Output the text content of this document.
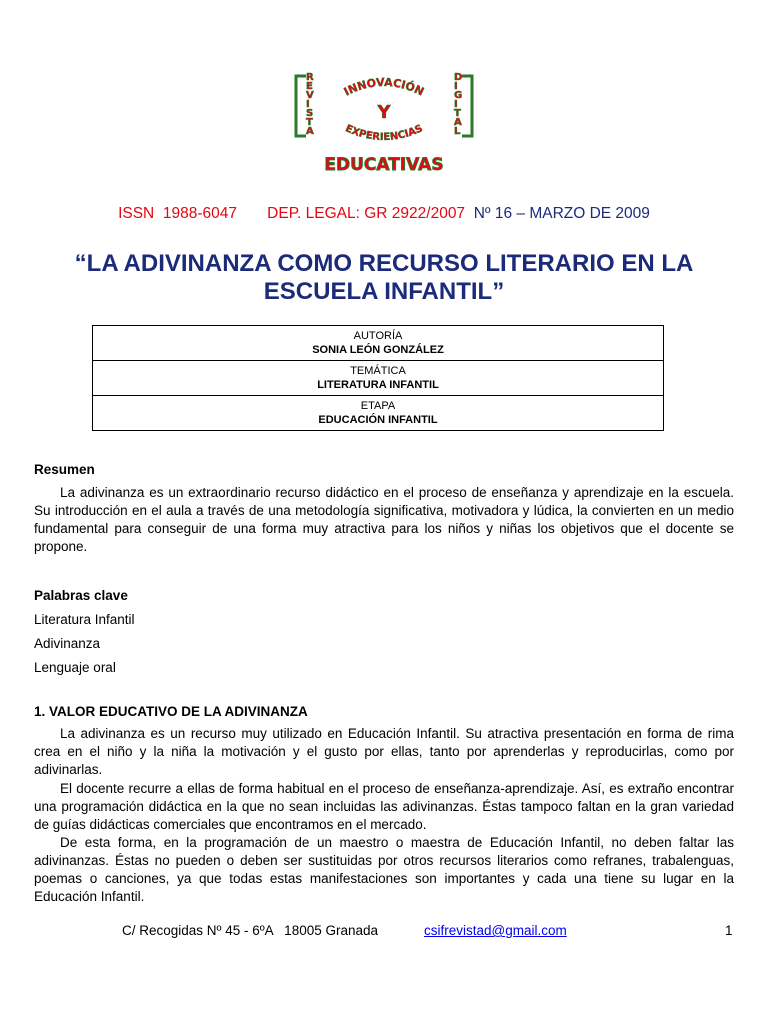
R
E
V
I
S
T
A
D
I
G
I
T
A
L
INNOVACIÓN
Y
EXPERIENCIAS
EDUCATIVAS
ISSN  1988-6047 DEP. LEGAL: GR 2922/2007 Nº 16 – MARZO DE 2009
“LA ADIVINANZA COMO RECURSO LITERARIO EN LA
ESCUELA INFANTIL”
AUTORÍA
SONIA LEÓN GONZÁLEZ
TEMÁTICA
LITERATURA INFANTIL
ETAPA
EDUCACIÓN INFANTIL
Resumen

La adivinanza es un extraordinario recurso didáctico en el proceso de enseñanza y aprendizaje en la escuela. Su introducción en el aula a través de una metodología significativa, motivadora y lúdica, la convierten en un medio fundamental para conseguir de una forma muy atractiva para los niños y niñas los objetivos que el docente se propone.

Palabras clave
Literatura Infantil
Adivinanza
Lenguaje oral
1. VALOR EDUCATIVO DE LA ADIVINANZA

La adivinanza es un recurso muy utilizado en Educación Infantil. Su atractiva presentación en forma de rima crea en el niño y la niña la motivación y el gusto por ellas, tanto por aprenderlas y reproducirlas, como por adivinarlas.

El docente recurre a ellas de forma habitual en el proceso de enseñanza-aprendizaje. Así, es extraño encontrar una programación didáctica en la que no sean incluidas las adivinanzas. Éstas tampoco faltan en la gran variedad de guías didácticas comerciales que encontramos en el mercado.

De esta forma, en la programación de un maestro o maestra de Educación Infantil, no deben faltar las adivinanzas. Éstas no pueden o deben ser sustituidas por otros recursos literarios como refranes, trabalenguas, poemas o canciones, ya que todas estas manifestaciones son importantes y cada una tiene su lugar en la Educación Infantil.

C/ Recogidas Nº 45 - 6ºA   18005 Granada	csifrevistad@gmail.com	1
